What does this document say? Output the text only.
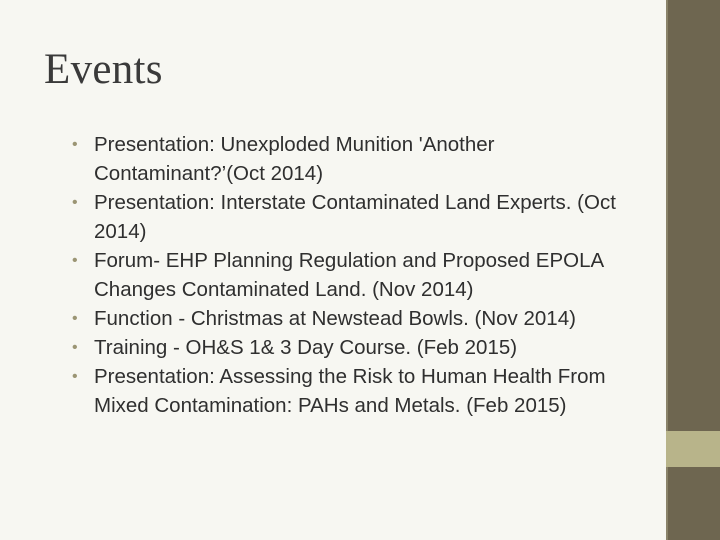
Events
• Presentation: Unexploded Munition 'Another Contaminant?’(Oct 2014)
• Presentation: Interstate Contaminated Land Experts. (Oct 2014)
• Forum- EHP Planning Regulation and Proposed EPOLA Changes Contaminated Land. (Nov 2014)
• Function - Christmas at Newstead Bowls. (Nov 2014)
• Training - OH&S 1& 3 Day Course. (Feb 2015)
• Presentation: Assessing the Risk to Human Health From Mixed Contamination: PAHs and Metals. (Feb 2015)
